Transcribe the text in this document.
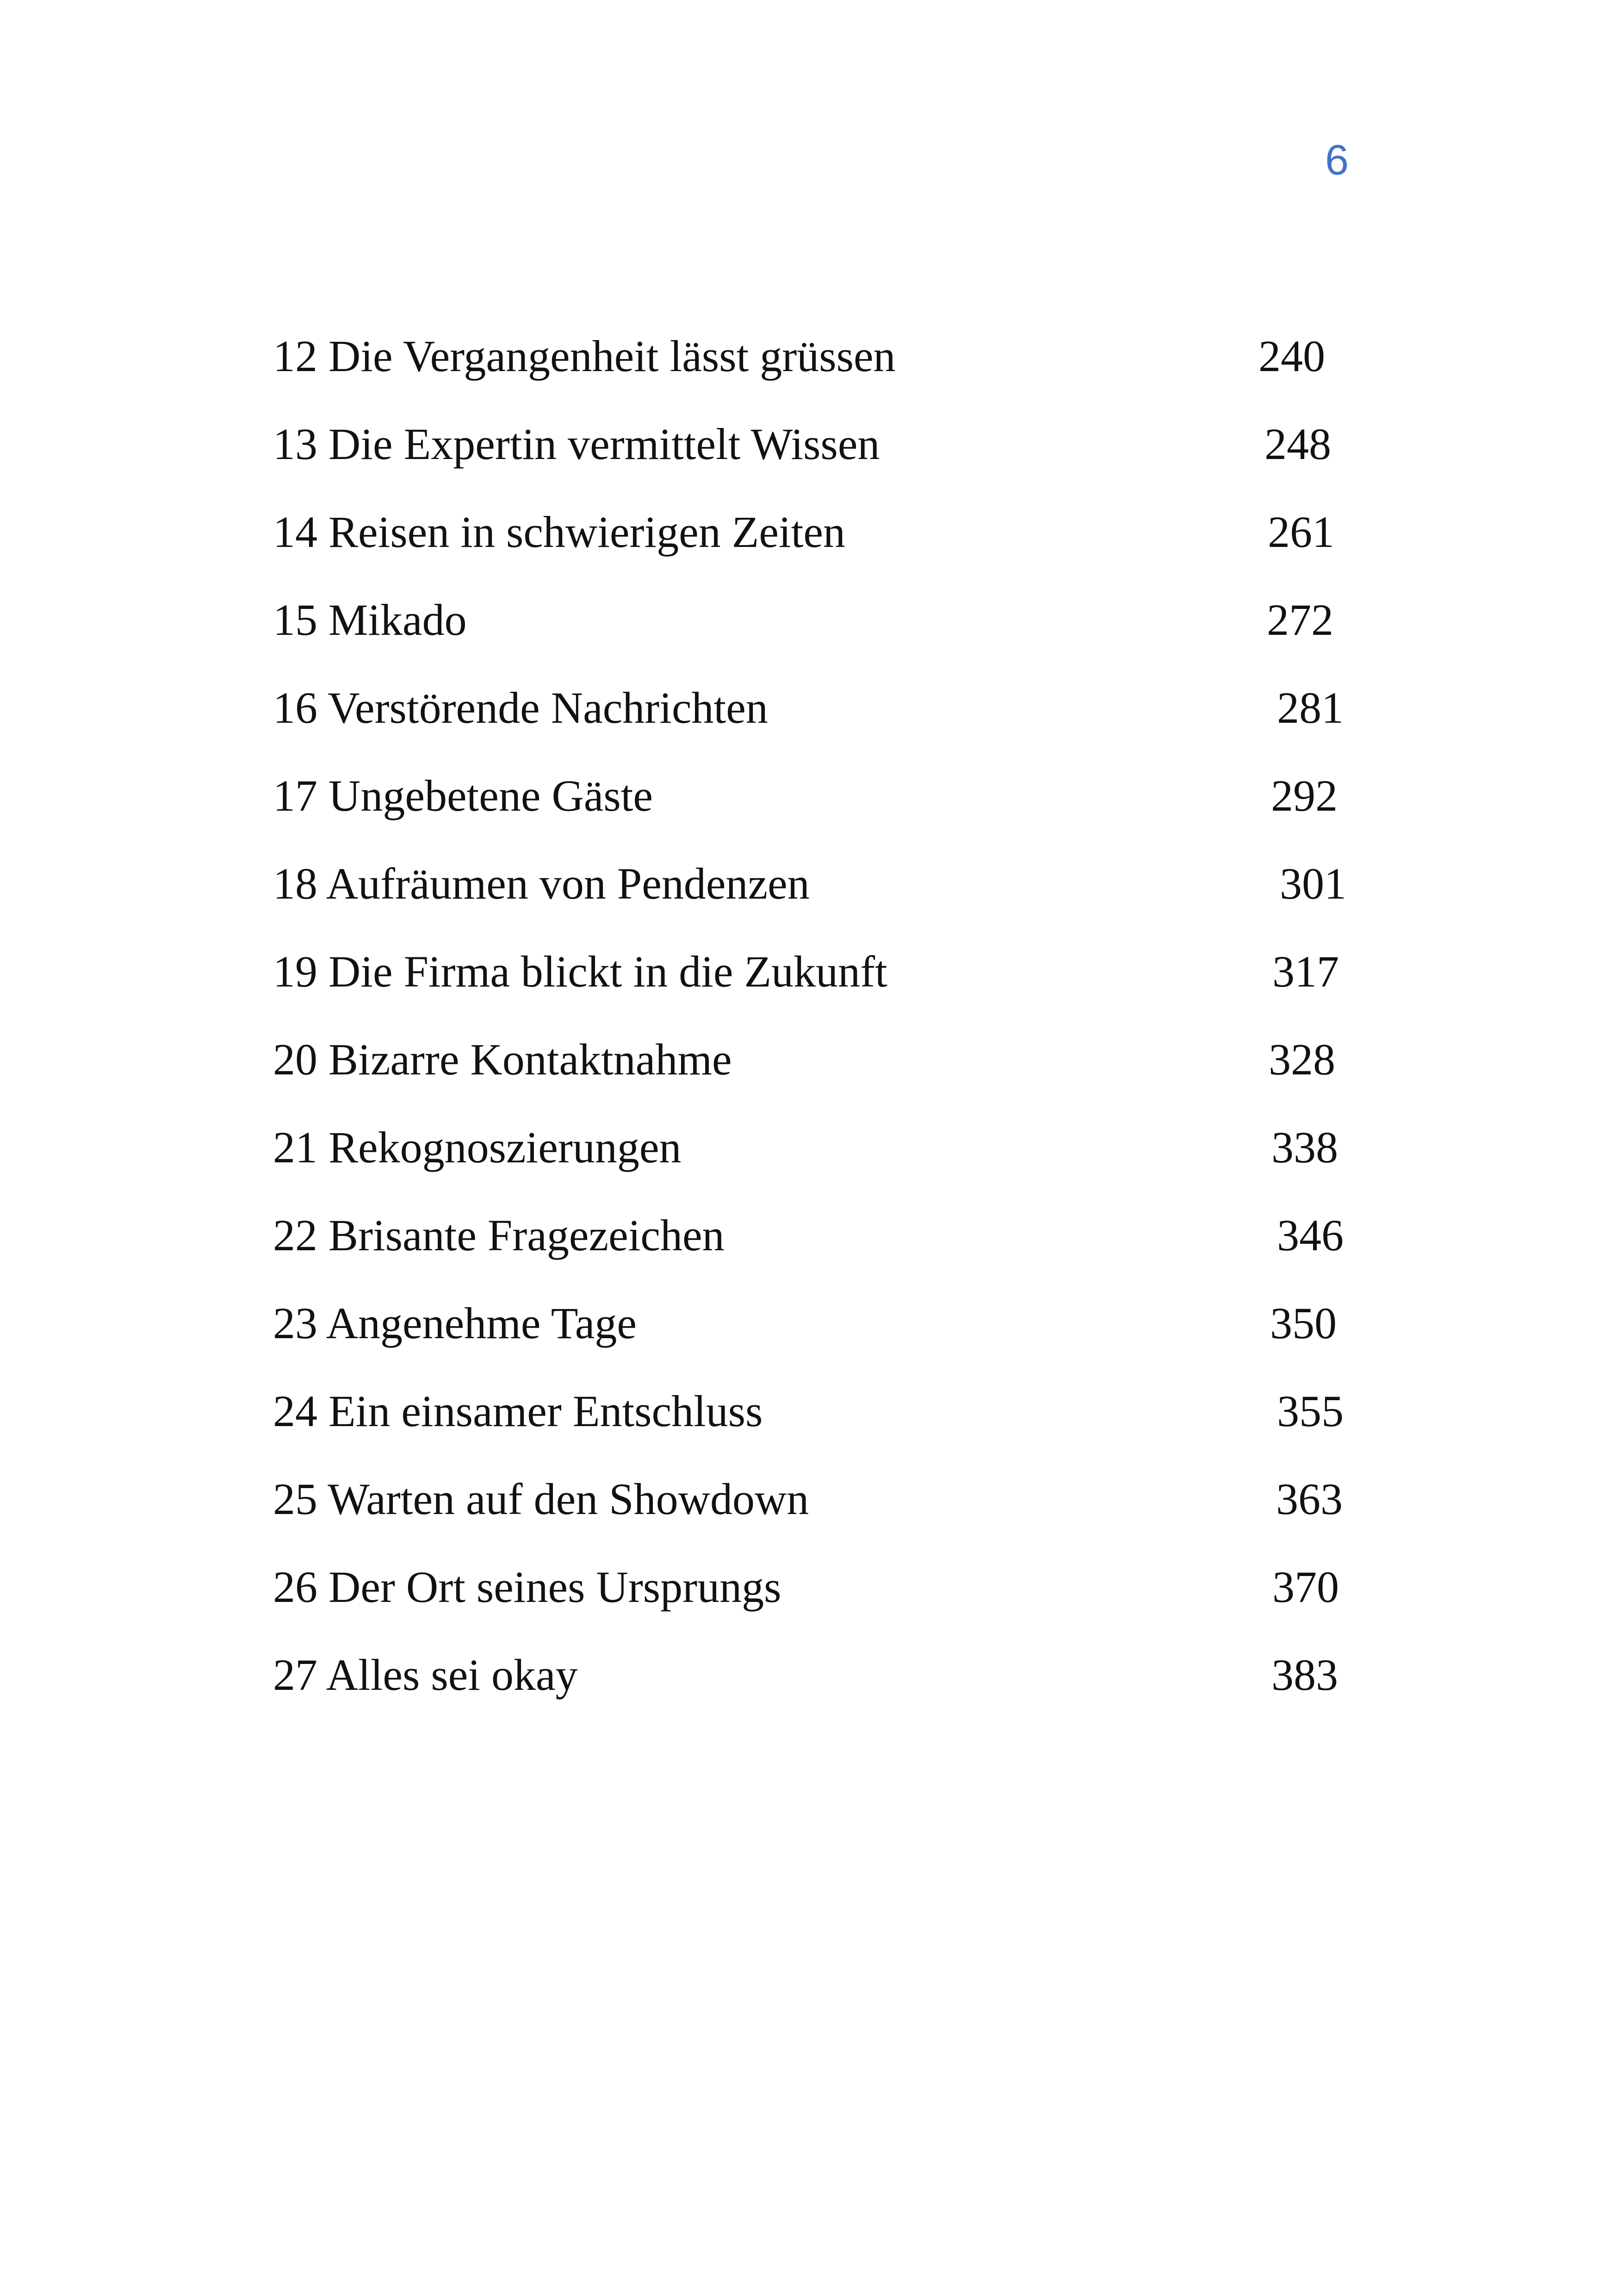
6
12 Die Vergangenheit lässt grüssen	240
13 Die Expertin vermittelt Wissen	248
14 Reisen in schwierigen Zeiten	261
15 Mikado	272
16 Verstörende Nachrichten	281
17 Ungebetene Gäste	292
18 Aufräumen von Pendenzen	301
19 Die Firma blickt in die Zukunft	317
20 Bizarre Kontaktnahme	328
21 Rekognoszierungen	338
22 Brisante Fragezeichen	346
23 Angenehme Tage	350
24 Ein einsamer Entschluss	355
25 Warten auf den Showdown	363
26 Der Ort seines Ursprungs	370
27 Alles sei okay	383
